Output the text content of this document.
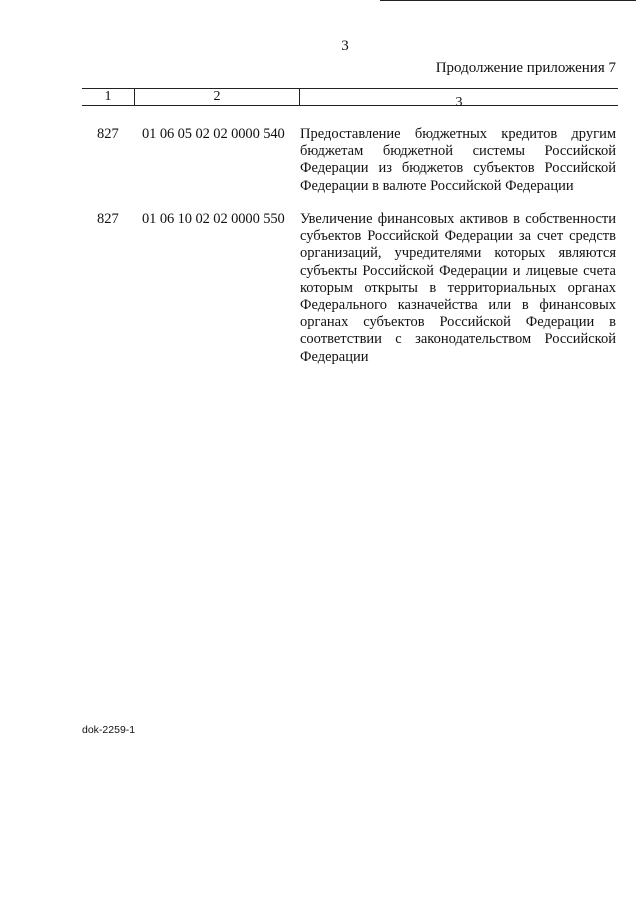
3
Продолжение приложения 7
1	2	3
827 01 06 05 02 02 0000 540 Предоставление бюджетных кредитов другим бюджетам бюджетной системы Российской Федерации из бюджетов субъектов Российской Федерации в валюте Российской Федерации
827 01 06 10 02 02 0000 550 Увеличение финансовых активов в собственности субъектов Российской Федерации за счет средств организаций, учредителями которых являются субъекты Российской Федерации и лицевые счета которым открыты в территориальных органах Федерального казначейства или в финансовых органах субъектов Российской Федерации в соответствии с законодательством Российской Федерации
dok-2259-1
